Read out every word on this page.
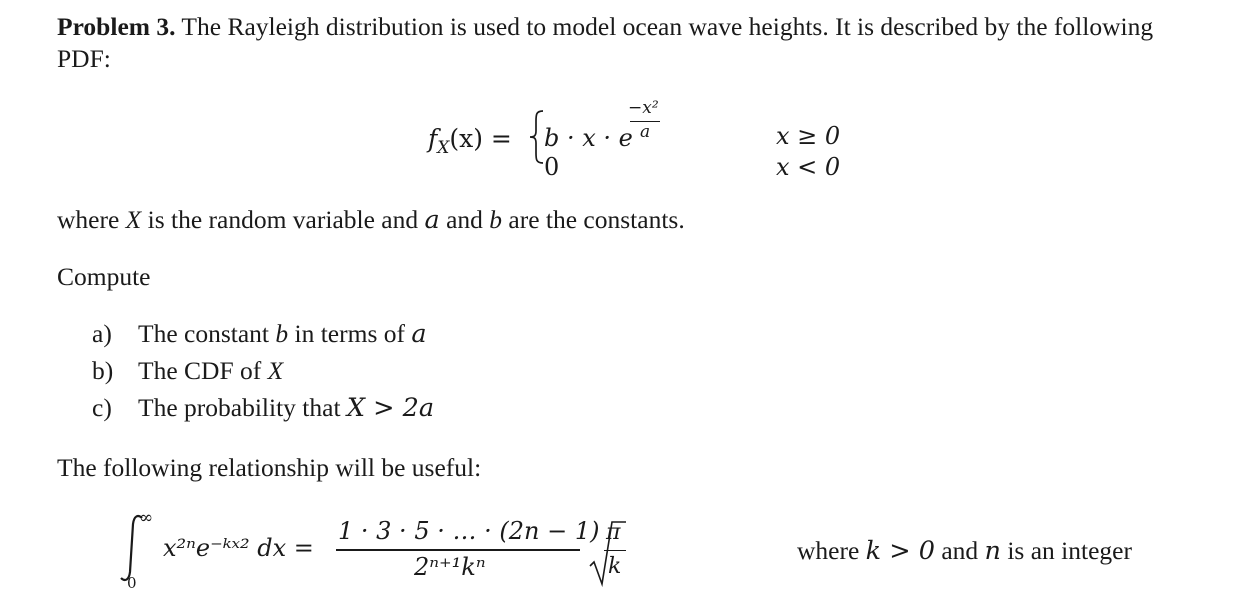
Problem 3. The Rayleigh distribution is used to model ocean wave heights. It is described by the following
PDF:
$f_X(x) = b \cdot x \cdot e$
−x²
a
0
x ≥ 0
x < 0
where X is the random variable and a and b are the constants.
Compute
a) The constant b in terms of a
b) The CDF of X
c) The probability that X > 2a
The following relationship will be useful:
∞
0
x²ⁿe⁻ᵏˣ² dx =
1 · 3 · 5 · … · (2n − 1)
2ⁿ⁺¹kⁿ
π
k
where k > 0 and n is an integer
